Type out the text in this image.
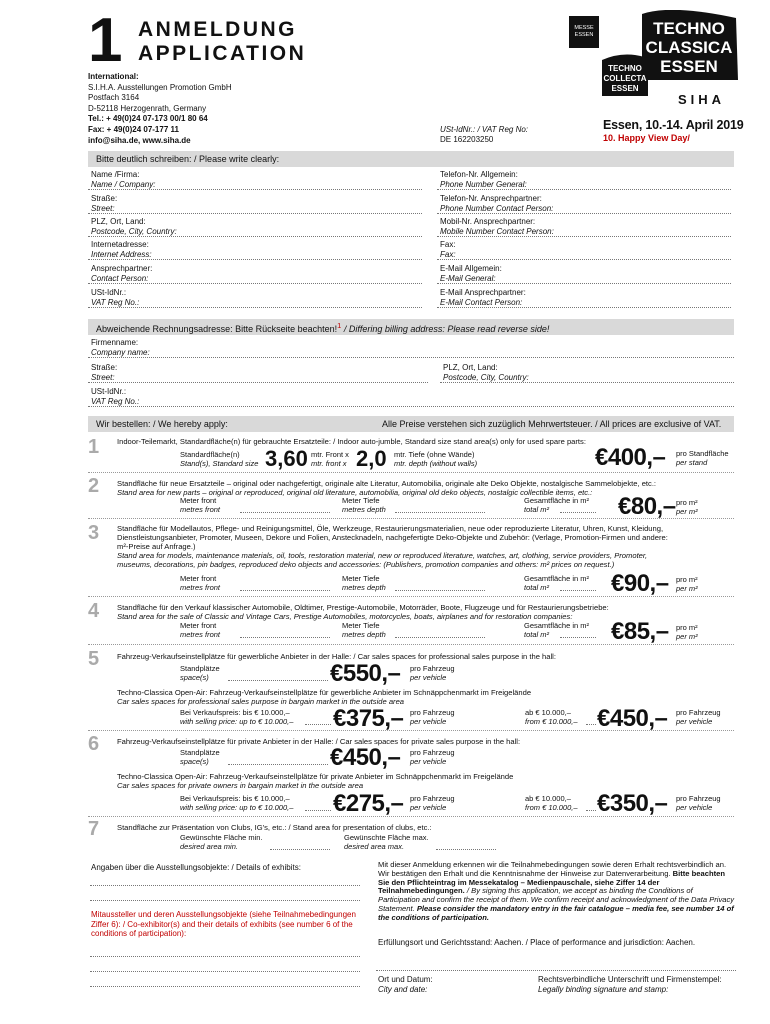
1 ANMELDUNG
APPLICATION
International:
S.I.H.A. Ausstellungen Promotion GmbH
Postfach 3164
D-52118 Herzogenrath, Germany
Tel.: + 49(0)24 07-173 00/1 80 64
Fax: + 49(0)24 07-177 11
info@siha.de, www.siha.de
MESSE
ESSEN	TECHNO
CLASSICA
ESSEN
TECHNO
COLLECTA
ESSEN
SIHA
USt-IdNr.: / VAT Reg No:
DE 162203250
Essen, 10.-14. April 2019
10. Happy View Day/
Bitte deutlich schreiben: / Please write clearly:
Name /Firma:
Name / Company:
Straße:
Street:
PLZ, Ort, Land:
Postcode, City, Country:
Internetadresse:
Internet Address:
Ansprechpartner:
Contact Person:
USt-IdNr.:
VAT Reg No.:
Telefon-Nr. Allgemein:
Phone Number General:
Telefon-Nr. Ansprechpartner:
Phone Number Contact Person:
Mobil-Nr. Ansprechpartner:
Mobile Number Contact Person:
Fax:
Fax:
E-Mail Allgemein:
E-Mail General:
E-Mail Ansprechpartner:
E-Mail Contact Person:
Abweichende Rechnungsadresse: Bitte Rückseite beachten!$^1$ / Differing billing address: Please read reverse side!
Firmenname:
Company name:
Straße:
Street:
PLZ, Ort, Land:
Postcode, City, Country:
USt-IdNr.:
VAT Reg No.:
Wir bestellen: / We hereby apply:	Alle Preise verstehen sich zuzüglich Mehrwertsteuer. / All prices are exclusive of VAT.
1 Indoor-Teilemarkt, Standardfläche(n) für gebrauchte Ersatzteile: / Indoor auto-jumble, Standard size stand area(s) only for used spare parts:
Standardfläche(n)
Stand(s), Standard size 3,60 mtr. Front x
mtr. front x 2,0 mtr. Tiefe (ohne Wände)
mtr. depth (without walls)	€400,– pro Standfläche
per stand
2 Standfläche für neue Ersatzteile – original oder nachgefertigt, originale alte Literatur, Automobilia, originale alte Deko Objekte, nostalgische Sammelobjekte, etc.:
Stand area for new parts – original or reproduced, original old literature, automobilia, original old deko objects, nostalgic collectible items, etc.:
Meter front
metres front
Meter Tiefe
metres depth
Gesamtfläche in m²
total m²	€80,– pro m²
per m²
3 Standfläche für Modellautos, Pflege- und Reinigungsmittel, Öle, Werkzeuge, Restaurierungsmaterialien, neue oder reproduzierte Literatur, Uhren, Kunst, Kleidung, Dienstleistungsanbieter, Promoter, Museen, Dekore und Folien, Anstecknadeln, nachgefertigte Deko-Objekte und Zubehör: (Verlage, Promotion-Firmen und andere: m²-Preise auf Anfrage.)
Stand area for models, maintenance materials, oil, tools, restoration material, new or reproduced literature, watches, art, clothing, service providers, Promoter, museums, decorations, pin badges, reproduced deko objects and accessories: (Publishers, promotion companies and others: m² prices on request.)
Meter front
metres front
Meter Tiefe
metres depth
Gesamtfläche in m²
total m²	€90,– pro m²
per m²
4 Standfläche für den Verkauf klassischer Automobile, Oldtimer, Prestige-Automobile, Motorräder, Boote, Flugzeuge und für Restaurierungsbetriebe:
Stand area for the sale of Classic and Vintage Cars, Prestige Automobiles, motorcycles, boats, airplanes and for restoration companies:
Meter front
metres front
Meter Tiefe
metres depth
Gesamtfläche in m²
total m²	€85,– pro m²
per m²
5 Fahrzeug-Verkaufseinstellplätze für gewerbliche Anbieter in der Halle: / Car sales spaces for professional sales purpose in the hall:
Standplätze
space(s)	€550,– pro Fahrzeug
per vehicle
Techno-Classica Open-Air: Fahrzeug-Verkaufseinstellplätze für gewerbliche Anbieter im Schnäppchenmarkt im Freigelände
Car sales spaces for professional sales purpose in bargain market in the outside area
Bei Verkaufspreis: bis € 10.000,–
with selling price: up to € 10.000,– €375,– pro Fahrzeug
per vehicle
ab € 10.000,–
from € 10.000,– €450,– pro Fahrzeug
per vehicle
6 Fahrzeug-Verkaufseinstellplätze für private Anbieter in der Halle: / Car sales spaces for private sales purpose in the hall:
Standplätze
space(s)	€450,– pro Fahrzeug
per vehicle
Techno-Classica Open-Air: Fahrzeug-Verkaufseinstellplätze für private Anbieter im Schnäppchenmarkt im Freigelände
Car sales spaces for private owners in bargain market in the outside area
Bei Verkaufspreis: bis € 10.000,–
with selling price: up to € 10.000,– €275,– pro Fahrzeug
per vehicle
ab € 10.000,–
from € 10.000,– €350,– pro Fahrzeug
per vehicle
7 Standfläche zur Präsentation von Clubs, IG's, etc.: / Stand area for presentation of clubs, etc.:
Gewünschte Fläche min.
desired area min.
Gewünschte Fläche max.
desired area max.
Angaben über die Ausstellungsobjekte: / Details of exhibits:
Mitaussteller und deren Ausstellungsobjekte (siehe Teilnahmebedingungen Ziffer 6): / Co-exhibitor(s) and their details of exhibits (see number 6 of the conditions of participation):
Mit dieser Anmeldung erkennen wir die Teilnahmebedingungen sowie deren Erhalt rechtsverbindlich an. Wir bestätigen den Erhalt und die Kenntnisnahme der Hinweise zur Datenverarbeitung. Bitte beachten Sie den Pflichteintrag im Messekatalog – Medienpauschale, siehe Ziffer 14 der Teilnahmebedingungen. / By signing this application, we accept as binding the Conditions of Participation and confirm the receipt of them. We confirm receipt and acknowledgment of the Data Privacy Statement. Please consider the mandatory entry in the fair catalogue – media fee, see number 14 of the conditions of participation.
Erfüllungsort und Gerichtsstand: Aachen. / Place of performance and jurisdiction: Aachen.
Ort und Datum:
City and date:
Rechtsverbindliche Unterschrift und Firmenstempel:
Legally binding signature and stamp:
